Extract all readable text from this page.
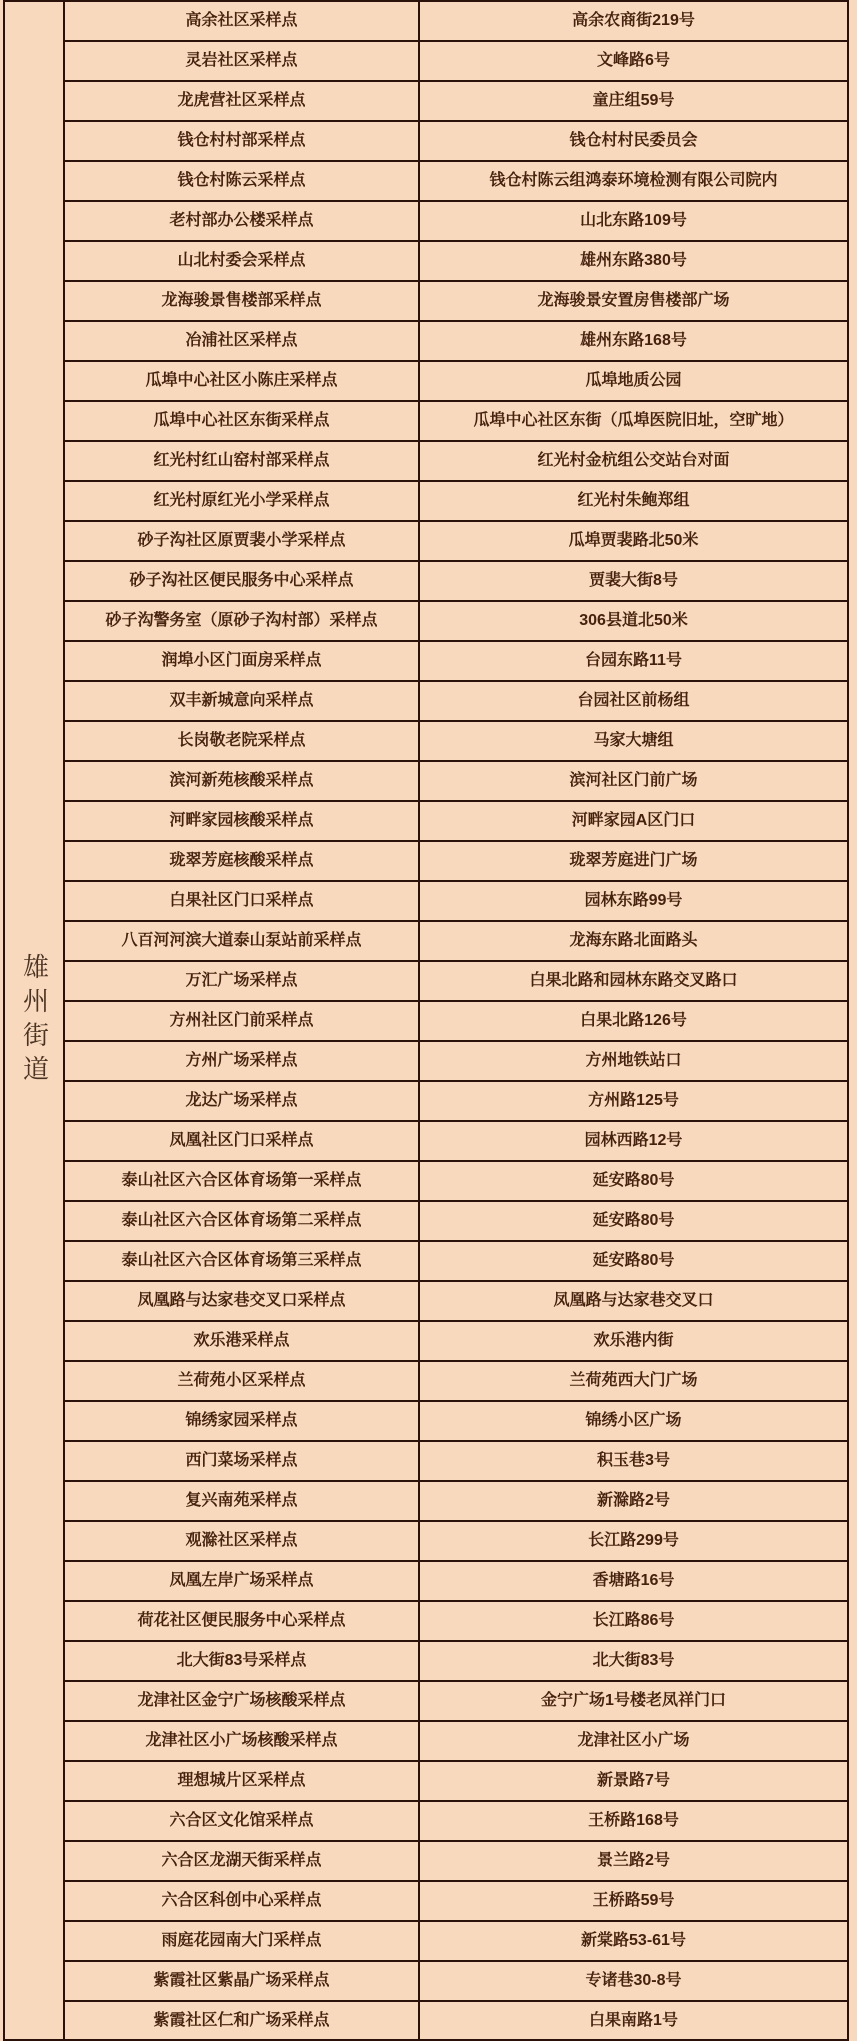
雄州街道
高余社区采样点	高余农商街219号
灵岩社区采样点	文峰路6号
龙虎营社区采样点	童庄组59号
钱仓村村部采样点	钱仓村村民委员会
钱仓村陈云采样点	钱仓村陈云组鸿泰环境检测有限公司院内
老村部办公楼采样点	山北东路109号
山北村委会采样点	雄州东路380号
龙海骏景售楼部采样点	龙海骏景安置房售楼部广场
冶浦社区采样点	雄州东路168号
瓜埠中心社区小陈庄采样点	瓜埠地质公园
瓜埠中心社区东街采样点	瓜埠中心社区东街（瓜埠医院旧址，空旷地）
红光村红山窑村部采样点	红光村金杭组公交站台对面
红光村原红光小学采样点	红光村朱鲍郑组
砂子沟社区原贾裴小学采样点	瓜埠贾裴路北50米
砂子沟社区便民服务中心采样点	贾裴大街8号
砂子沟警务室（原砂子沟村部）采样点	306县道北50米
润埠小区门面房采样点	台园东路11号
双丰新城意向采样点	台园社区前杨组
长岗敬老院采样点	马家大塘组
滨河新苑核酸采样点	滨河社区门前广场
河畔家园核酸采样点	河畔家园A区门口
珑翠芳庭核酸采样点	珑翠芳庭进门广场
白果社区门口采样点	园林东路99号
八百河河滨大道泰山泵站前采样点	龙海东路北面路头
万汇广场采样点	白果北路和园林东路交叉路口
方州社区门前采样点	白果北路126号
方州广场采样点	方州地铁站口
龙达广场采样点	方州路125号
凤凰社区门口采样点	园林西路12号
泰山社区六合区体育场第一采样点	延安路80号
泰山社区六合区体育场第二采样点	延安路80号
泰山社区六合区体育场第三采样点	延安路80号
凤凰路与达家巷交叉口采样点	凤凰路与达家巷交叉口
欢乐港采样点	欢乐港内街
兰荷苑小区采样点	兰荷苑西大门广场
锦绣家园采样点	锦绣小区广场
西门菜场采样点	积玉巷3号
复兴南苑采样点	新滁路2号
观滁社区采样点	长江路299号
凤凰左岸广场采样点	香塘路16号
荷花社区便民服务中心采样点	长江路86号
北大街83号采样点	北大街83号
龙津社区金宁广场核酸采样点	金宁广场1号楼老凤祥门口
龙津社区小广场核酸采样点	龙津社区小广场
理想城片区采样点	新景路7号
六合区文化馆采样点	王桥路168号
六合区龙湖天街采样点	景兰路2号
六合区科创中心采样点	王桥路59号
雨庭花园南大门采样点	新棠路53-61号
紫霞社区紫晶广场采样点	专诸巷30-8号
紫霞社区仁和广场采样点	白果南路1号
